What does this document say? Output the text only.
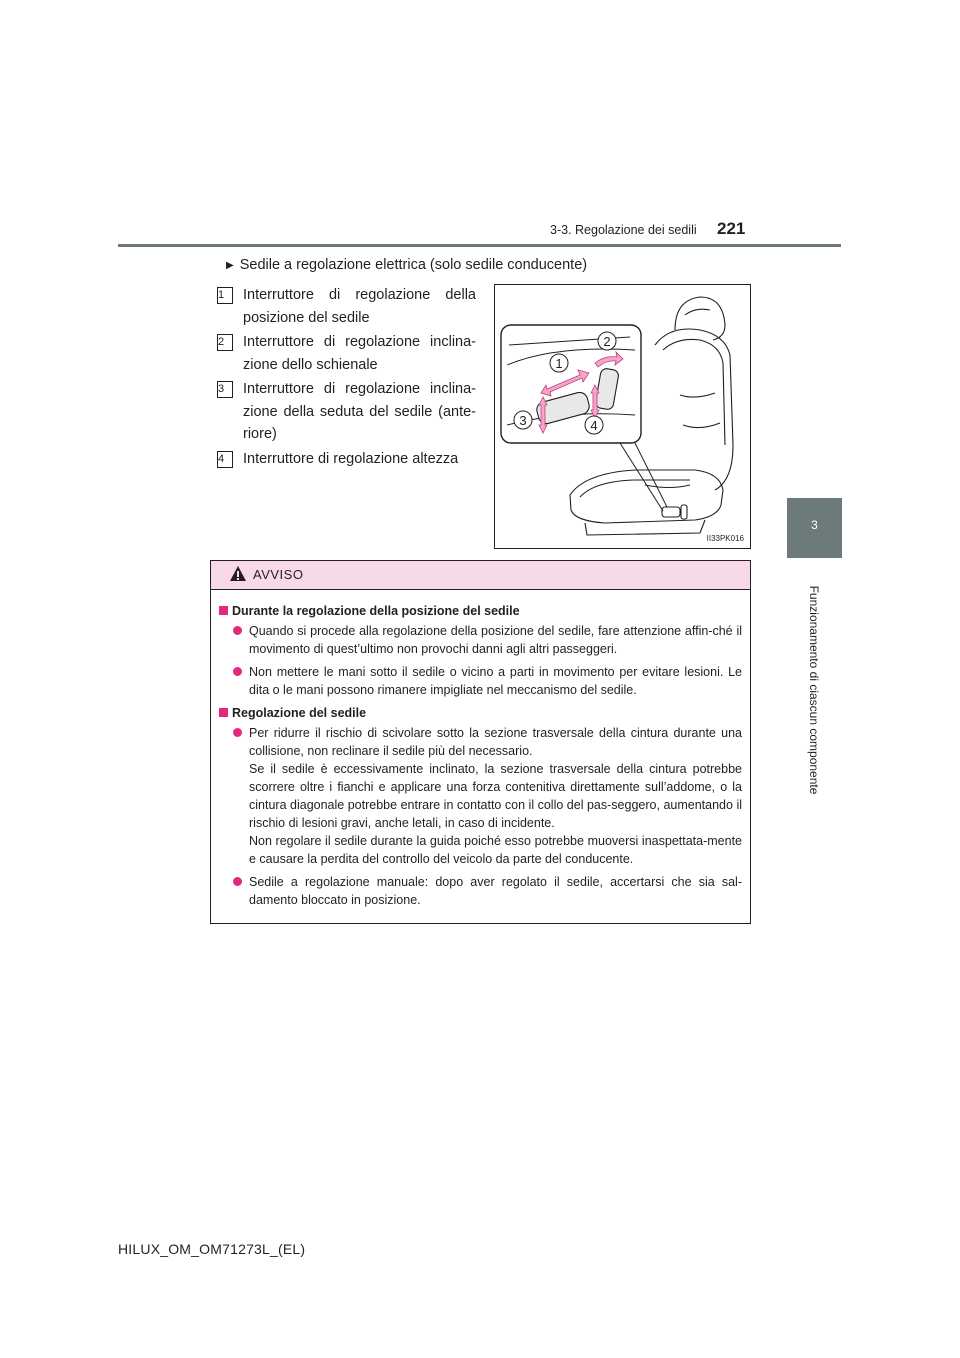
3-3. Regolazione dei sedili 221
3
Funzionamento di ciascun componente
▶ Sedile a regolazione elettrica (solo sedile conducente)
1	Interruttore di regolazione della posizione del sedile
2	Interruttore di regolazione inclina-zione dello schienale
3	Interruttore di regolazione inclina-zione della seduta del sedile (ante-riore)
4	Interruttore di regolazione altezza
1
2
3	4
II33PK016
AVVISO
Durante la regolazione della posizione del sedile

Quando si procede alla regolazione della posizione del sedile, fare attenzione affin-ché il movimento di quest’ultimo non provochi danni agli altri passeggeri.

Non mettere le mani sotto il sedile o vicino a parti in movimento per evitare lesioni. Le dita o le mani possono rimanere impigliate nel meccanismo del sedile.

Regolazione del sedile

Per ridurre il rischio di scivolare sotto la sezione trasversale della cintura durante una collisione, non reclinare il sedile più del necessario.

Se il sedile è eccessivamente inclinato, la sezione trasversale della cintura potrebbe scorrere oltre i fianchi e applicare una forza contenitiva direttamente sull’addome, o la cintura diagonale potrebbe entrare in contatto con il collo del pas-seggero, aumentando il rischio di lesioni gravi, anche letali, in caso di incidente.

Non regolare il sedile durante la guida poiché esso potrebbe muoversi inaspettata-mente e causare la perdita del controllo del veicolo da parte del conducente.

Sedile a regolazione manuale: dopo aver regolato il sedile, accertarsi che sia sal-damento bloccato in posizione.

HILUX_OM_OM71273L_(EL)
